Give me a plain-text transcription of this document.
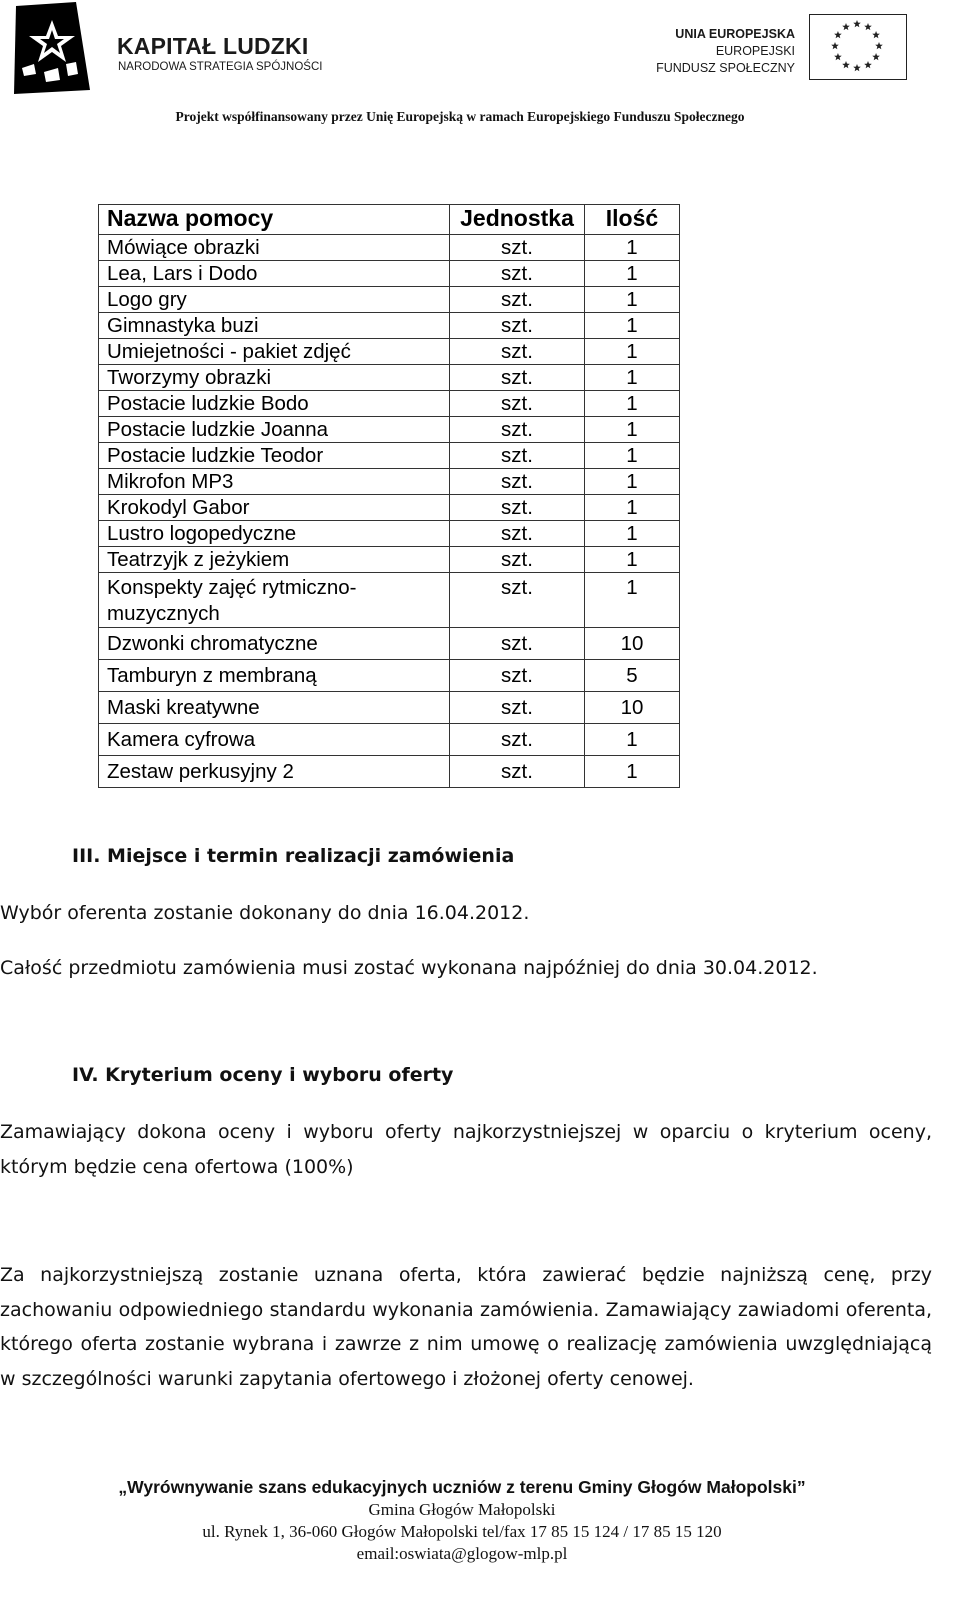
KAPITAŁ LUDZKI
NARODOWA STRATEGIA SPÓJNOŚCI
UNIA EUROPEJSKA
EUROPEJSKI
FUNDUSZ SPOŁECZNY
Projekt współfinansowany przez Unię Europejską w ramach Europejskiego Funduszu Społecznego
Nazwa pomocy	Jednostka	Ilość
Mówiące obrazki	szt.	1
Lea, Lars i Dodo	szt.	1
Logo gry	szt.	1
Gimnastyka buzi	szt.	1
Umiejetności - pakiet zdjęć	szt.	1
Tworzymy obrazki	szt.	1
Postacie ludzkie Bodo	szt.	1
Postacie ludzkie Joanna	szt.	1
Postacie ludzkie Teodor	szt.	1
Mikrofon MP3	szt.	1
Krokodyl Gabor	szt.	1
Lustro logopedyczne	szt.	1
Teatrzyjk z jeżykiem	szt.	1
Konspekty zajęć rytmiczno-muzycznych	szt.	1
Dzwonki chromatyczne	szt.	10
Tamburyn z membraną	szt.	5
Maski kreatywne	szt.	10
Kamera cyfrowa	szt.	1
Zestaw perkusyjny 2	szt.	1
III. Miejsce i termin realizacji zamówienia
Wybór oferenta zostanie dokonany do dnia 16.04.2012.
Całość przedmiotu zamówienia musi zostać wykonana najpóźniej do dnia 30.04.2012.
IV. Kryterium oceny i wyboru oferty
Zamawiający dokona oceny i wyboru oferty najkorzystniejszej w oparciu o kryterium oceny, którym będzie cena ofertowa (100%)
Za najkorzystniejszą zostanie uznana oferta, która zawierać będzie najniższą cenę, przy zachowaniu odpowiedniego standardu wykonania zamówienia. Zamawiający zawiadomi oferenta, którego oferta zostanie wybrana i zawrze z nim umowę o realizację zamówienia uwzględniającą w szczególności warunki zapytania ofertowego i złożonej oferty cenowej.
„Wyrównywanie szans edukacyjnych uczniów z terenu Gminy Głogów Małopolski”
Gmina Głogów Małopolski
ul. Rynek 1, 36-060 Głogów Małopolski tel/fax 17 85 15 124 / 17 85 15 120
email:oswiata@glogow-mlp.pl
